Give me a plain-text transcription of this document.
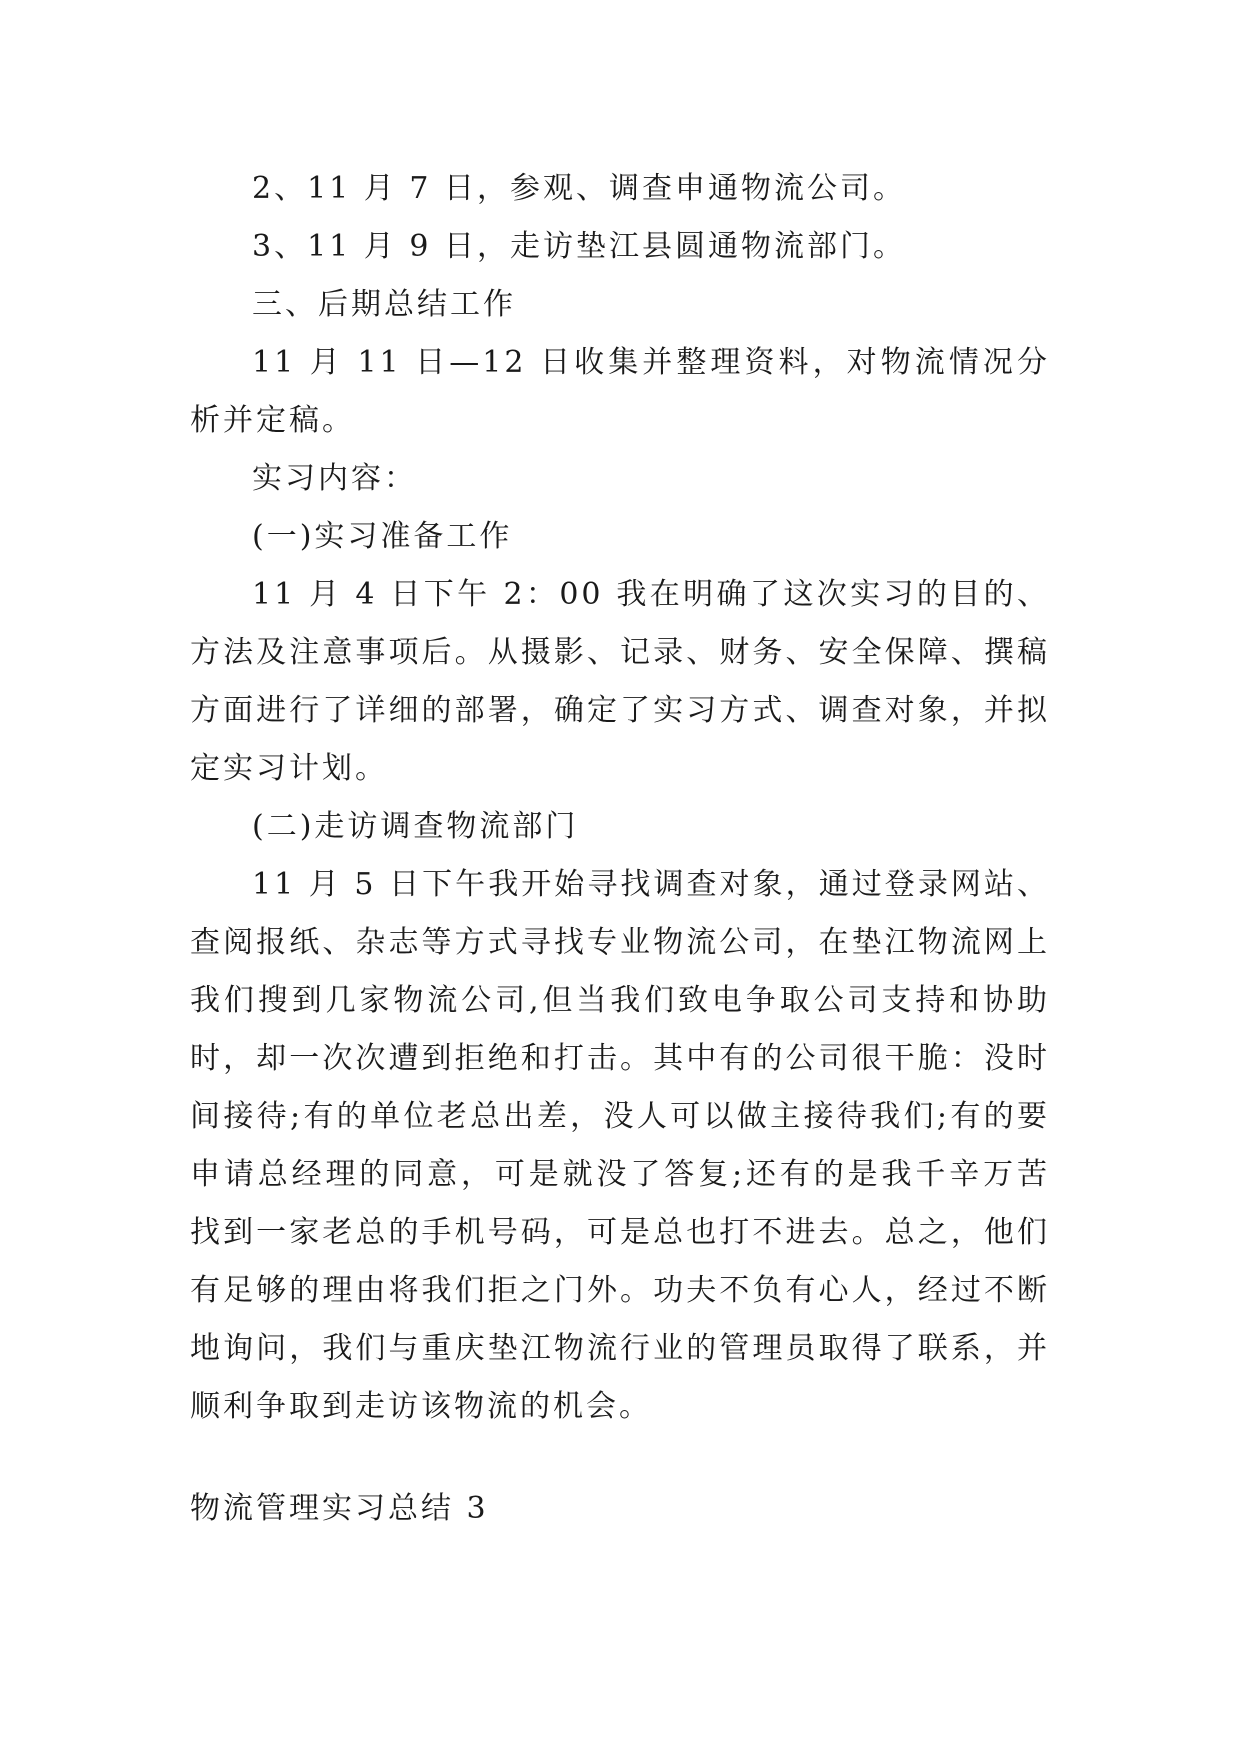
2、11 月 7 日，参观、调查申通物流公司。

3、11 月 9 日，走访垫江县圆通物流部门。

三、后期总结工作

11 月 11 日—12 日收集并整理资料，对物流情况分析并定稿。

实习内容：

(一)实习准备工作

11 月 4 日下午 2：00 我在明确了这次实习的目的、方法及注意事项后。从摄影、记录、财务、安全保障、撰稿方面进行了详细的部署，确定了实习方式、调查对象，并拟定实习计划。

(二)走访调查物流部门

11 月 5 日下午我开始寻找调查对象，通过登录网站、查阅报纸、杂志等方式寻找专业物流公司，在垫江物流网上我们搜到几家物流公司,但当我们致电争取公司支持和协助时，却一次次遭到拒绝和打击。其中有的公司很干脆：没时间接待;有的单位老总出差，没人可以做主接待我们;有的要申请总经理的同意，可是就没了答复;还有的是我千辛万苦找到一家老总的手机号码，可是总也打不进去。总之，他们有足够的理由将我们拒之门外。功夫不负有心人，经过不断地询问，我们与重庆垫江物流行业的管理员取得了联系，并顺利争取到走访该物流的机会。

物流管理实习总结 3
